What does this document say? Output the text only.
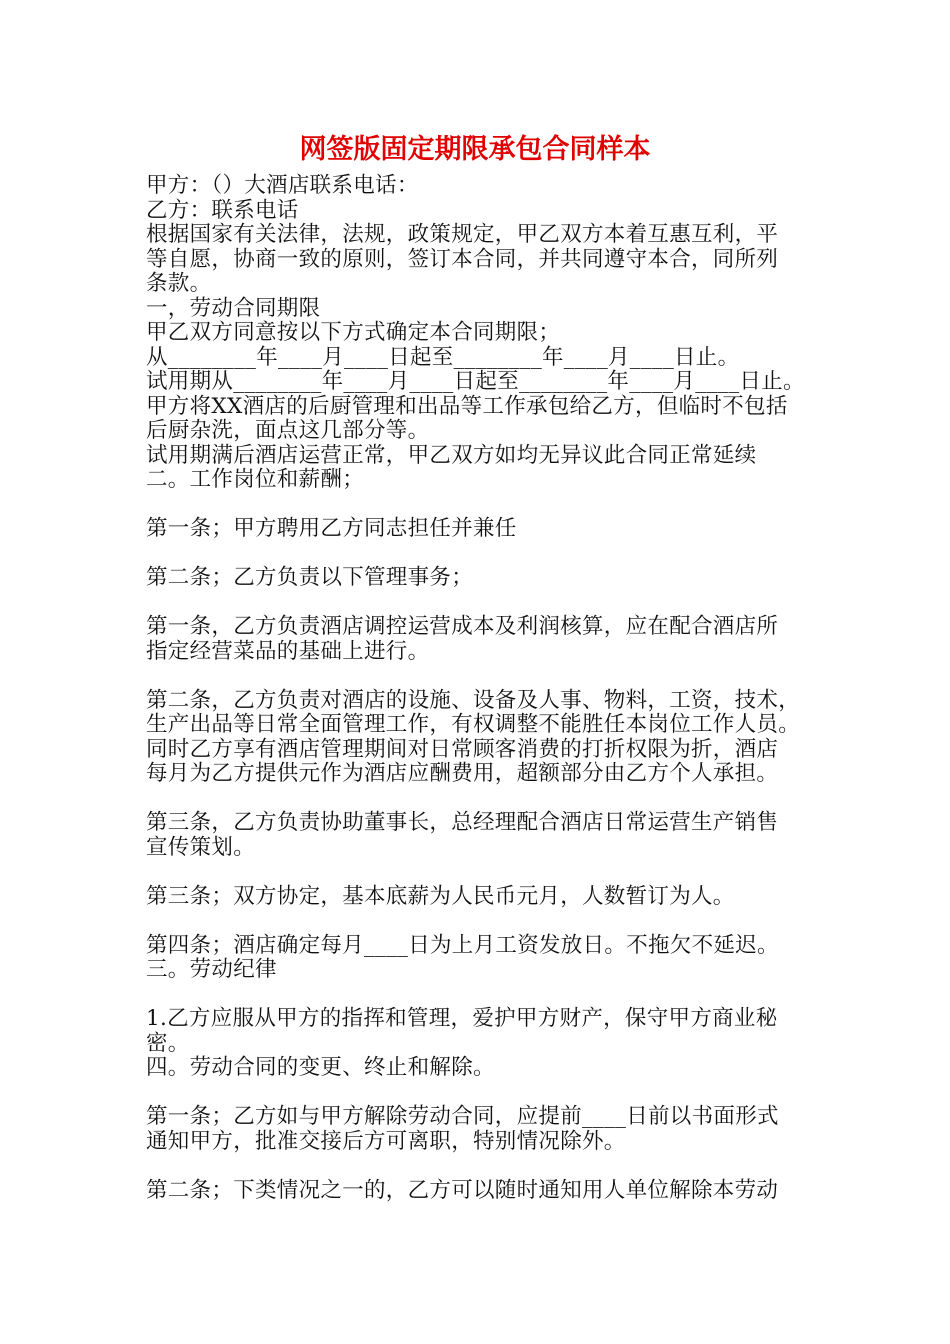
网签版固定期限承包合同样本

甲方：（）大酒店联系电话：

乙方：联系电话

根据国家有关法律，法规，政策规定，甲乙双方本着互惠互利，平

等自愿，协商一致的原则，签订本合同，并共同遵守本合，同所列

条款。

一，劳动合同期限

甲乙双方同意按以下方式确定本合同期限；

从________年____月____日起至________年____月____日止。

试用期从________年____月____日起至________年____月____日止。

甲方将XX酒店的后厨管理和出品等工作承包给乙方，但临时不包括

后厨杂洗，面点这几部分等。

试用期满后酒店运营正常，甲乙双方如均无异议此合同正常延续

二。工作岗位和薪酬；

第一条；甲方聘用乙方同志担任并兼任

第二条；乙方负责以下管理事务；

第一条，乙方负责酒店调控运营成本及利润核算，应在配合酒店所

指定经营菜品的基础上进行。

第二条，乙方负责对酒店的设施、设备及人事、物料，工资，技术，

生产出品等日常全面管理工作，有权调整不能胜任本岗位工作人员。

同时乙方享有酒店管理期间对日常顾客消费的打折权限为折，酒店

每月为乙方提供元作为酒店应酬费用，超额部分由乙方个人承担。

第三条，乙方负责协助董事长，总经理配合酒店日常运营生产销售

宣传策划。

第三条；双方协定，基本底薪为人民币元月，人数暂订为人。

第四条；酒店确定每月____日为上月工资发放日。不拖欠不延迟。

三。劳动纪律

1.乙方应服从甲方的指挥和管理，爱护甲方财产，保守甲方商业秘

密。

四。劳动合同的变更、终止和解除。

第一条；乙方如与甲方解除劳动合同，应提前____日前以书面形式

通知甲方，批准交接后方可离职，特别情况除外。

第二条；下类情况之一的，乙方可以随时通知用人单位解除本劳动
